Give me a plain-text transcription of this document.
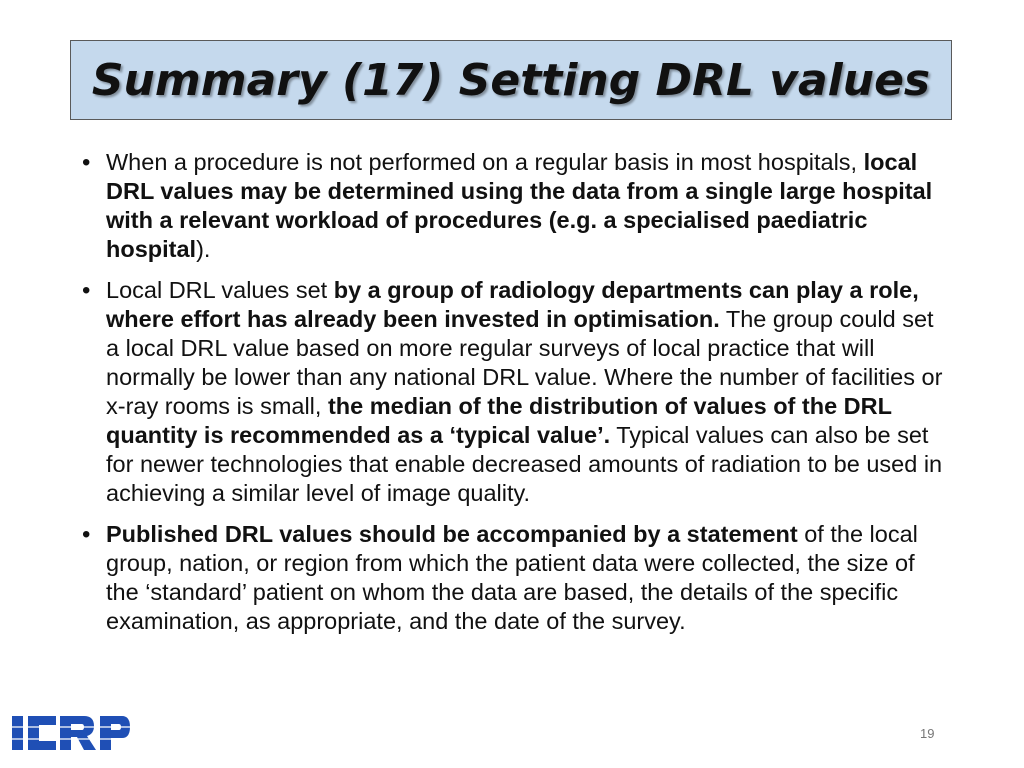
Summary (17) Setting DRL values
• When a procedure is not performed on a regular basis in most hospitals, local DRL values may be determined using the data from a single large hospital with a relevant workload of procedures (e.g. a specialised paediatric hospital).
• Local DRL values set by a group of radiology departments can play a role, where effort has already been invested in optimisation. The group could set a local DRL value based on more regular surveys of local practice that will normally be lower than any national DRL value. Where the number of facilities or x-ray rooms is small, the median of the distribution of values of the DRL quantity is recommended as a ‘typical value’. Typical values can also be set for newer technologies that enable decreased amounts of radiation to be used in achieving a similar level of image quality.
• Published DRL values should be accompanied by a statement of the local group, nation, or region from which the patient data were collected, the size of the ‘standard’ patient on whom the data are based, the details of the specific examination, as appropriate, and the date of the survey.
19
